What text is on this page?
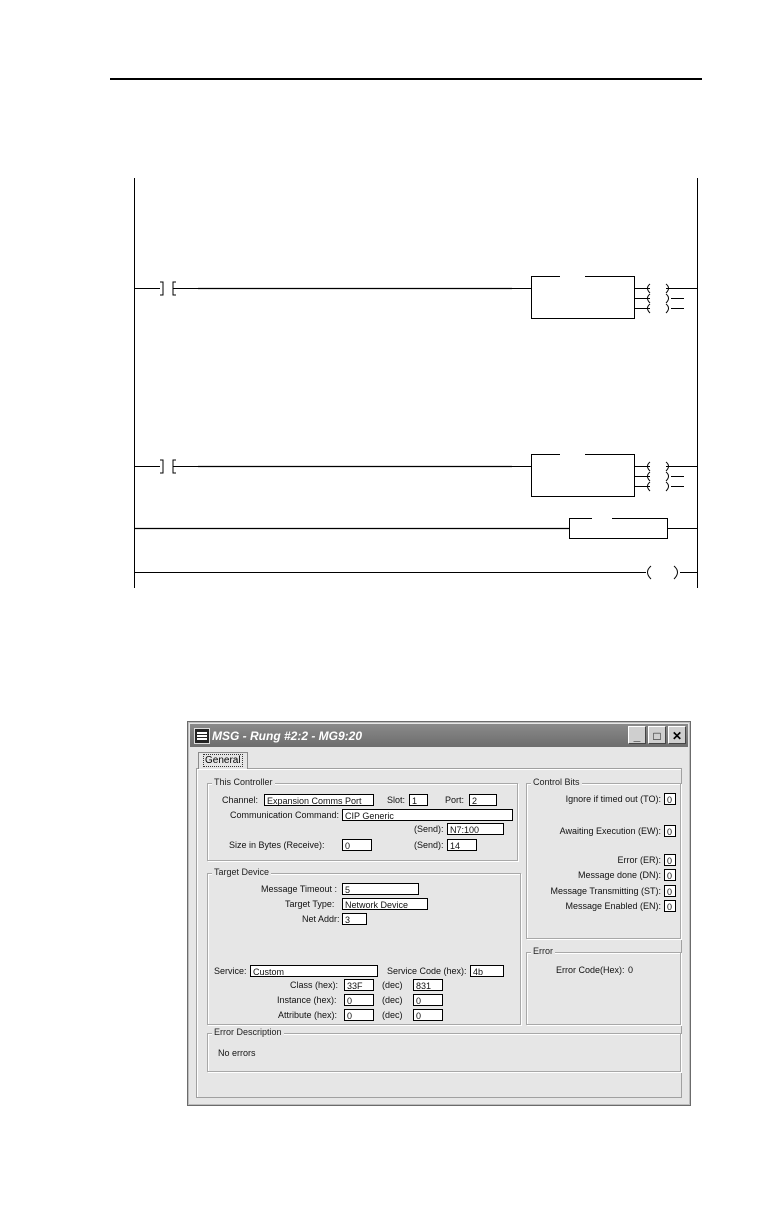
MSG - Rung #2:2 - MG9:20	_	□ ✕
General
This Controller
Channel: Expansion Comms Port	Slot: 1	Port: 2
Communication Command: CIP Generic
(Send): N7:100
Size in Bytes (Receive):	0	(Send): 14
Target Device
Message Timeout : 5
Target Type:	Network Device
Net Addr: 3
Service: Custom	Service Code (hex): 4b
Class (hex): 33F	(dec)	831
Instance (hex):	0	(dec)	0
Attribute (hex):	0	(dec)	0
Control Bits
Ignore if timed out (TO): 0
Awaiting Execution (EW): 0
Error (ER): 0
Message done (DN): 0
Message Transmitting (ST): 0
Message Enabled (EN): 0
Error
Error Code(Hex): 0
Error Description
No errors
